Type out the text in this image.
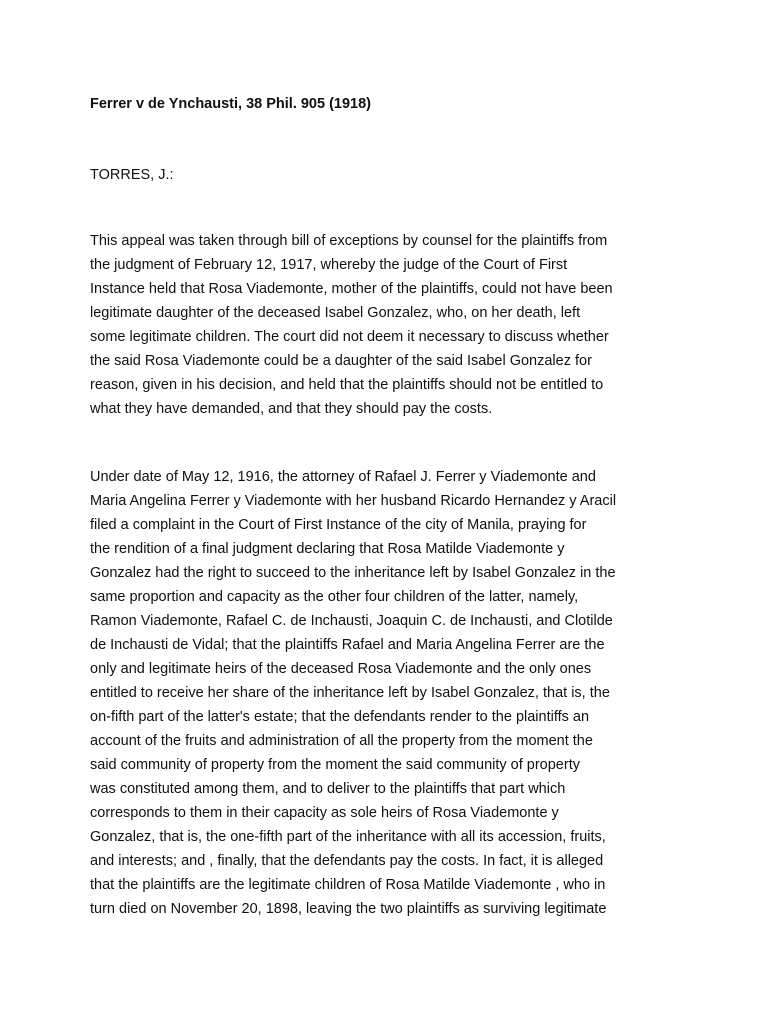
Ferrer v de Ynchausti, 38 Phil. 905 (1918)
TORRES, J.:
This appeal was taken through bill of exceptions by counsel for the plaintiffs from
the judgment of February 12, 1917, whereby the judge of the Court of First
Instance held that Rosa Viademonte, mother of the plaintiffs, could not have been
legitimate daughter of the deceased Isabel Gonzalez, who, on her death, left
some legitimate children. The court did not deem it necessary to discuss whether
the said Rosa Viademonte could be a daughter of the said Isabel Gonzalez for
reason, given in his decision, and held that the plaintiffs should not be entitled to
what they have demanded, and that they should pay the costs.
Under date of May 12, 1916, the attorney of Rafael J. Ferrer y Viademonte and
Maria Angelina Ferrer y Viademonte with her husband Ricardo Hernandez y Aracil
filed a complaint in the Court of First Instance of the city of Manila, praying for
the rendition of a final judgment declaring that Rosa Matilde Viademonte y
Gonzalez had the right to succeed to the inheritance left by Isabel Gonzalez in the
same proportion and capacity as the other four children of the latter, namely,
Ramon Viademonte, Rafael C. de Inchausti, Joaquin C. de Inchausti, and Clotilde
de Inchausti de Vidal; that the plaintiffs Rafael and Maria Angelina Ferrer are the
only and legitimate heirs of the deceased Rosa Viademonte and the only ones
entitled to receive her share of the inheritance left by Isabel Gonzalez, that is, the
on-fifth part of the latter's estate; that the defendants render to the plaintiffs an
account of the fruits and administration of all the property from the moment the
said community of property from the moment the said community of property
was constituted among them, and to deliver to the plaintiffs that part which
corresponds to them in their capacity as sole heirs of Rosa Viademonte y
Gonzalez, that is, the one-fifth part of the inheritance with all its accession, fruits,
and interests; and , finally, that the defendants pay the costs. In fact, it is alleged
that the plaintiffs are the legitimate children of Rosa Matilde Viademonte , who in
turn died on November 20, 1898, leaving the two plaintiffs as surviving legitimate
